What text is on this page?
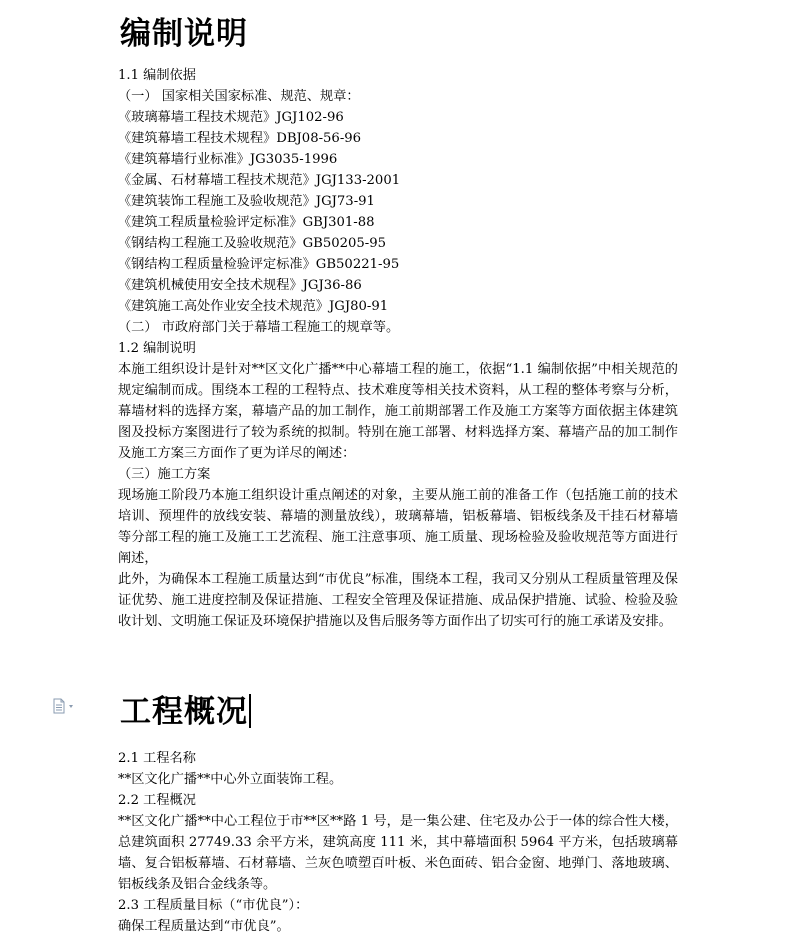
编制说明
1.1 编制依据
（一） 国家相关国家标准、规范、规章：
《玻璃幕墙工程技术规范》JGJ102-96
《建筑幕墙工程技术规程》DBJ08-56-96
《建筑幕墙行业标准》JG3035-1996
《金属、石材幕墙工程技术规范》JGJ133-2001
《建筑装饰工程施工及验收规范》JGJ73-91
《建筑工程质量检验评定标准》GBJ301-88
《钢结构工程施工及验收规范》GB50205-95
《钢结构工程质量检验评定标准》GB50221-95
《建筑机械使用安全技术规程》JGJ36-86
《建筑施工高处作业安全技术规范》JGJ80-91
（二） 市政府部门关于幕墙工程施工的规章等。
1.2 编制说明
本施工组织设计是针对**区文化广播**中心幕墙工程的施工，依据“1.1 编制依据”中相关规范的规定编制而成。围绕本工程的工程特点、技术难度等相关技术资料，从工程的整体考察与分析，幕墙材料的选择方案，幕墙产品的加工制作，施工前期部署工作及施工方案等方面依据主体建筑图及投标方案图进行了较为系统的拟制。特别在施工部署、材料选择方案、幕墙产品的加工制作及施工方案三方面作了更为详尽的阐述：
（三）施工方案
现场施工阶段乃本施工组织设计重点阐述的对象，主要从施工前的准备工作（包括施工前的技术培训、预埋件的放线安装、幕墙的测量放线），玻璃幕墙，铝板幕墙、铝板线条及干挂石材幕墙等分部工程的施工及施工工艺流程、施工注意事项、施工质量、现场检验及验收规范等方面进行阐述，
此外，为确保本工程施工质量达到“市优良”标准，围绕本工程，我司又分别从工程质量管理及保证优势、施工进度控制及保证措施、工程安全管理及保证措施、成品保护措施、试验、检验及验收计划、文明施工保证及环境保护措施以及售后服务等方面作出了切实可行的施工承诺及安排。
工程概况
2.1 工程名称
**区文化广播**中心外立面装饰工程。
2.2 工程概况
**区文化广播**中心工程位于市**区**路 1 号，是一集公建、住宅及办公于一体的综合性大楼，总建筑面积 27749.33 余平方米，建筑高度 111 米，其中幕墙面积 5964 平方米，包括玻璃幕墙、复合铝板幕墙、石材幕墙、兰灰色喷塑百叶板、米色面砖、铝合金窗、地弹门、落地玻璃、铝板线条及铝合金线条等。
2.3 工程质量目标（“市优良”）：
确保工程质量达到“市优良”。
